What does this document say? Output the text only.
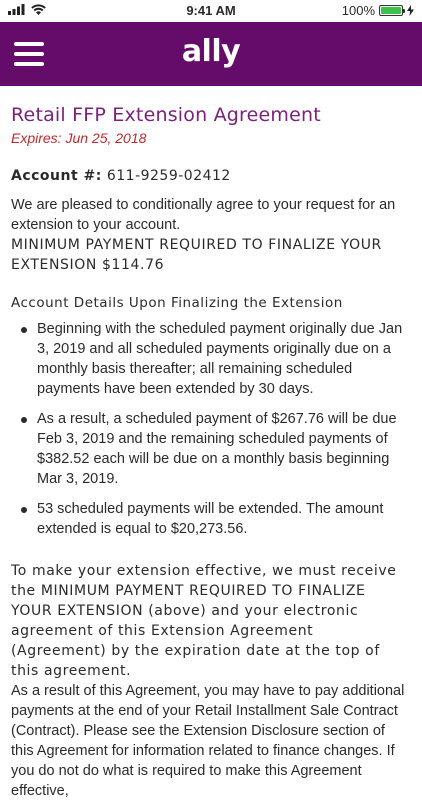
9:41 AM	100%
ally
Retail FFP Extension Agreement
Expires: Jun 25, 2018
Account #: 611-9259-02412
We are pleased to conditionally agree to your request for an extension to your account.
MINIMUM PAYMENT REQUIRED TO FINALIZE YOUR EXTENSION $114.76
Account Details Upon Finalizing the Extension
Beginning with the scheduled payment originally due Jan 3, 2019 and all scheduled payments originally due on a monthly basis thereafter; all remaining scheduled payments have been extended by 30 days.
As a result, a scheduled payment of $267.76 will be due Feb 3, 2019 and the remaining scheduled payments of $382.52 each will be due on a monthly basis beginning Mar 3, 2019.
53 scheduled payments will be extended. The amount extended is equal to $20,273.56.
To make your extension effective, we must receive the MINIMUM PAYMENT REQUIRED TO FINALIZE YOUR EXTENSION (above) and your electronic agreement of this Extension Agreement (Agreement) by the expiration date at the top of this agreement.
As a result of this Agreement, you may have to pay additional payments at the end of your Retail Installment Sale Contract (Contract). Please see the Extension Disclosure section of this Agreement for information related to finance changes. If you do not do what is required to make this Agreement effective,
